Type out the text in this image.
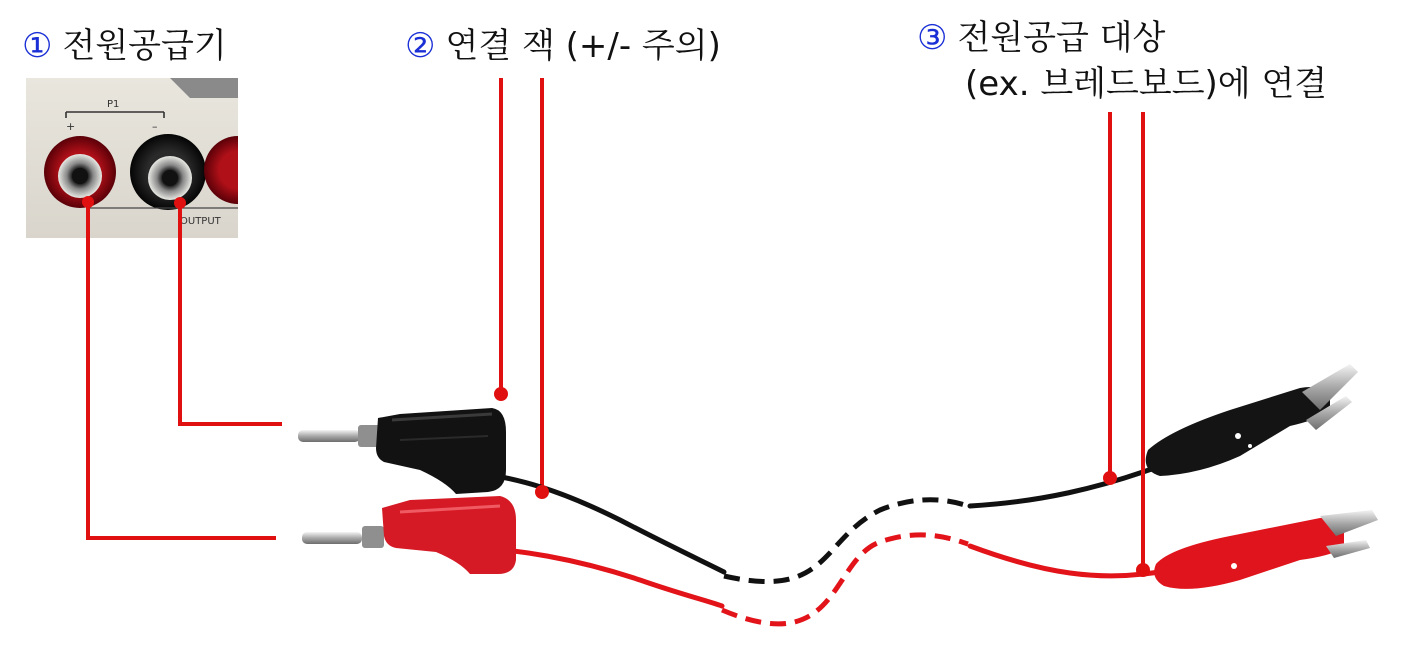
① 전원공급기	② 연결 잭 (+/- 주의)	③ 전원공급 대상
(ex. 브레드보드)에 연결
P1
+	–
OUTPUT
